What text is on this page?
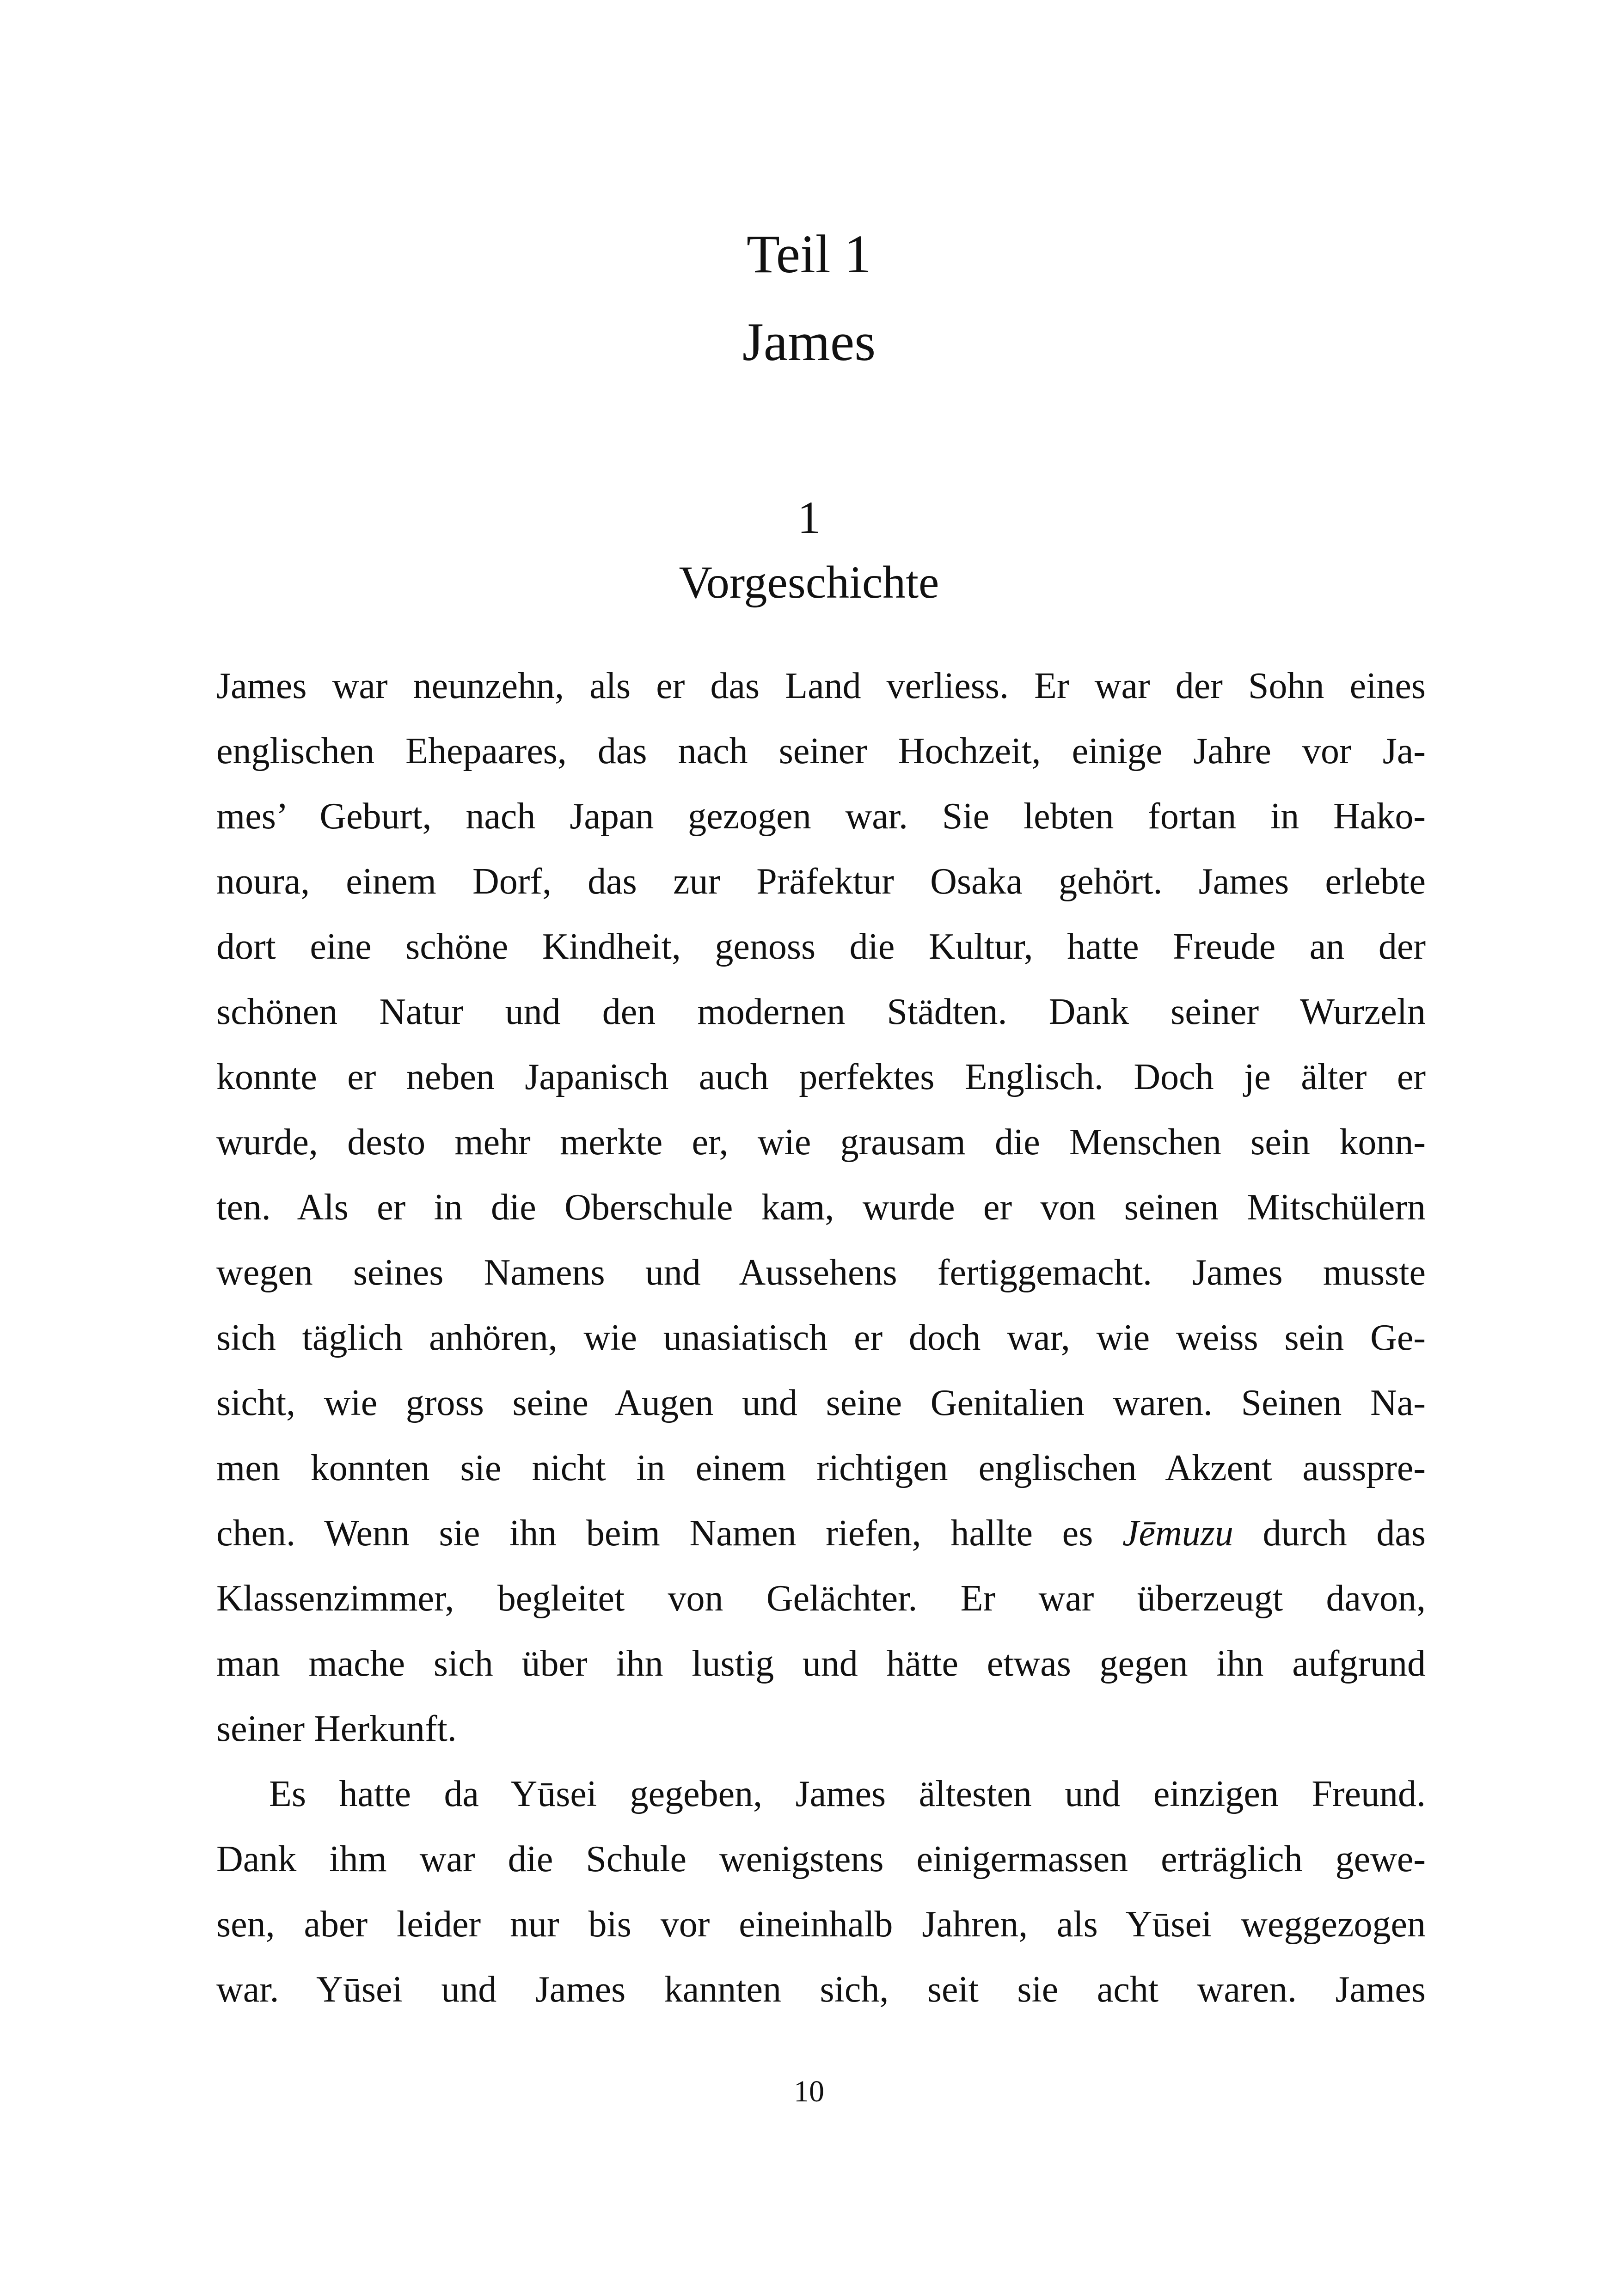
Teil 1
James
1
Vorgeschichte
James war neunzehn, als er das Land verliess. Er war der Sohn eines
englischen Ehepaares, das nach seiner Hochzeit, einige Jahre vor Ja-
mes’ Geburt, nach Japan gezogen war. Sie lebten fortan in Hako-
noura, einem Dorf, das zur Präfektur Osaka gehört. James erlebte
dort eine schöne Kindheit, genoss die Kultur, hatte Freude an der
schönen Natur und den modernen Städten. Dank seiner Wurzeln
konnte er neben Japanisch auch perfektes Englisch. Doch je älter er
wurde, desto mehr merkte er, wie grausam die Menschen sein konn-
ten. Als er in die Oberschule kam, wurde er von seinen Mitschülern
wegen seines Namens und Aussehens fertiggemacht. James musste
sich täglich anhören, wie unasiatisch er doch war, wie weiss sein Ge-
sicht, wie gross seine Augen und seine Genitalien waren. Seinen Na-
men konnten sie nicht in einem richtigen englischen Akzent ausspre-
chen. Wenn sie ihn beim Namen riefen, hallte es Jēmuzu durch das
Klassenzimmer, begleitet von Gelächter. Er war überzeugt davon,
man mache sich über ihn lustig und hätte etwas gegen ihn aufgrund
seiner Herkunft.
Es hatte da Yūsei gegeben, James ältesten und einzigen Freund.
Dank ihm war die Schule wenigstens einigermassen erträglich gewe-
sen, aber leider nur bis vor eineinhalb Jahren, als Yūsei weggezogen
war. Yūsei und James kannten sich, seit sie acht waren. James
10
